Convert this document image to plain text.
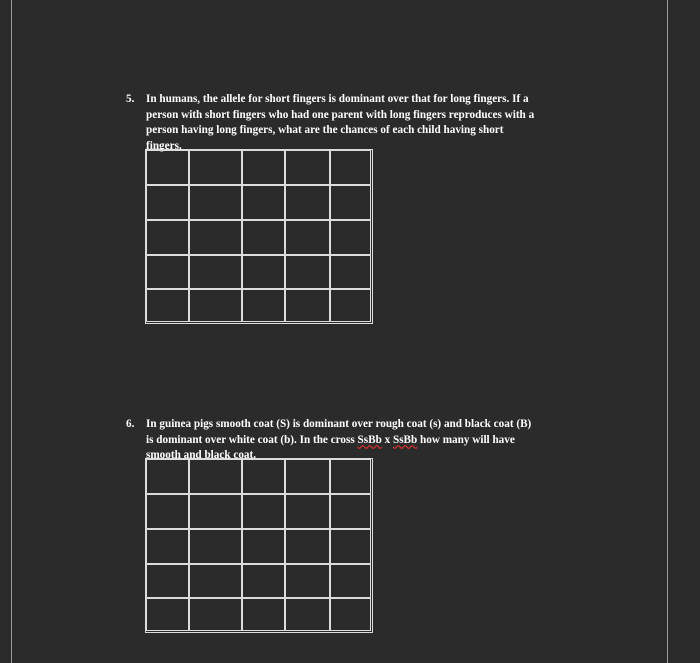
5. In humans, the allele for short fingers is dominant over that for long fingers. If a
person with short fingers who had one parent with long fingers reproduces with a
person having long fingers, what are the chances of each child having short
fingers.
6. In guinea pigs smooth coat (S) is dominant over rough coat (s) and black coat (B)
is dominant over white coat (b). In the cross SsBb x SsBb how many will have
smooth and black coat.
